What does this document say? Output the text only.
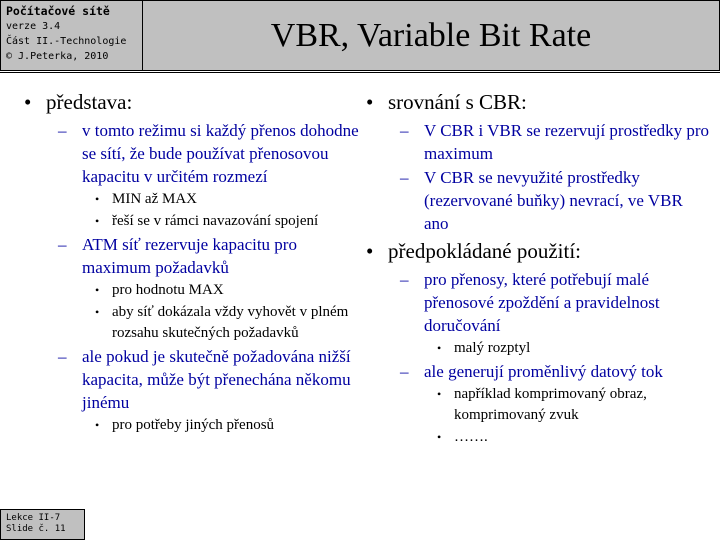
Počítačové sítě
verze 3.4
Část II.-Technologie
© J.Peterka, 2010
VBR, Variable Bit Rate
• představa:
– v tomto režimu si každý přenos dohodne se sítí, že bude používat přenosovou kapacitu v určitém rozmezí
• MIN až MAX
• řeší se v rámci navazování spojení
– ATM síť rezervuje kapacitu pro maximum požadavků
• pro hodnotu MAX
• aby síť dokázala vždy vyhovět v plném rozsahu skutečných požadavků
– ale pokud je skutečně požadována nižší kapacita, může být přenechána někomu jinému
• pro potřeby jiných přenosů
• srovnání s CBR:
– V CBR i VBR se rezervují prostředky pro maximum
– V CBR se nevyužité prostředky (rezervované buňky) nevrací, ve VBR ano
• předpokládané použití:
– pro přenosy, které potřebují malé přenosové zpoždění a pravidelnost doručování
• malý rozptyl
– ale generují proměnlivý datový tok
• například komprimovaný obraz, komprimovaný zvuk
• …….
Lekce II-7
Slide č. 11
